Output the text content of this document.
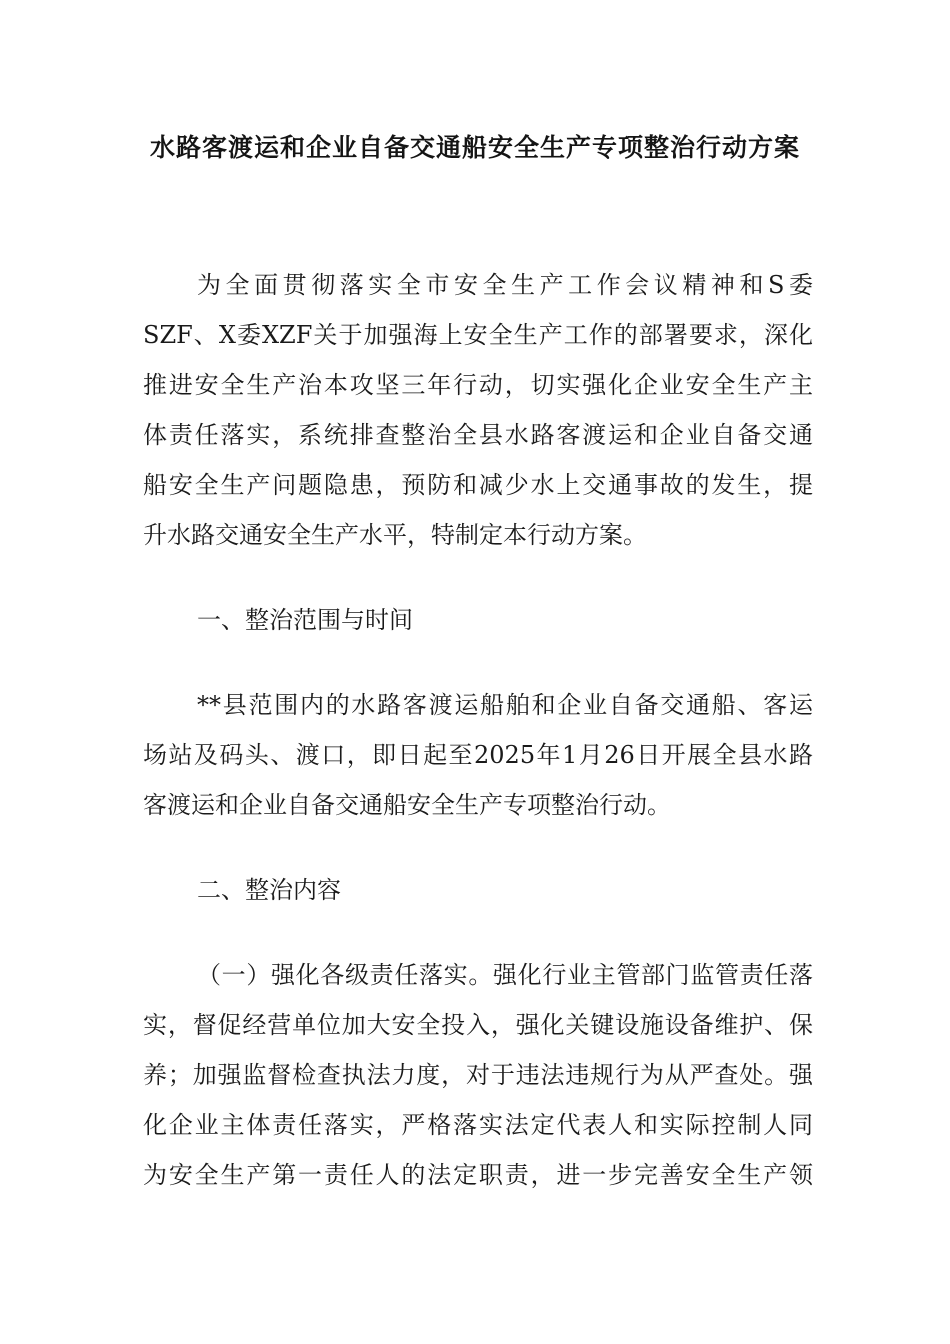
水路客渡运和企业自备交通船安全生产专项整治行动方案

为全面贯彻落实全市安全生产工作会议精神和S委

SZF、X委XZF关于加强海上安全生产工作的部署要求，深化

推进安全生产治本攻坚三年行动，切实强化企业安全生产主

体责任落实，系统排查整治全县水路客渡运和企业自备交通

船安全生产问题隐患，预防和减少水上交通事故的发生，提

升水路交通安全生产水平，特制定本行动方案。

一、整治范围与时间

**县范围内的水路客渡运船舶和企业自备交通船、客运

场站及码头、渡口，即日起至2025年1月26日开展全县水路

客渡运和企业自备交通船安全生产专项整治行动。

二、整治内容

（一）强化各级责任落实。强化行业主管部门监管责任落

实，督促经营单位加大安全投入，强化关键设施设备维护、保

养；加强监督检查执法力度，对于违法违规行为从严查处。强

化企业主体责任落实，严格落实法定代表人和实际控制人同

为安全生产第一责任人的法定职责，进一步完善安全生产领
